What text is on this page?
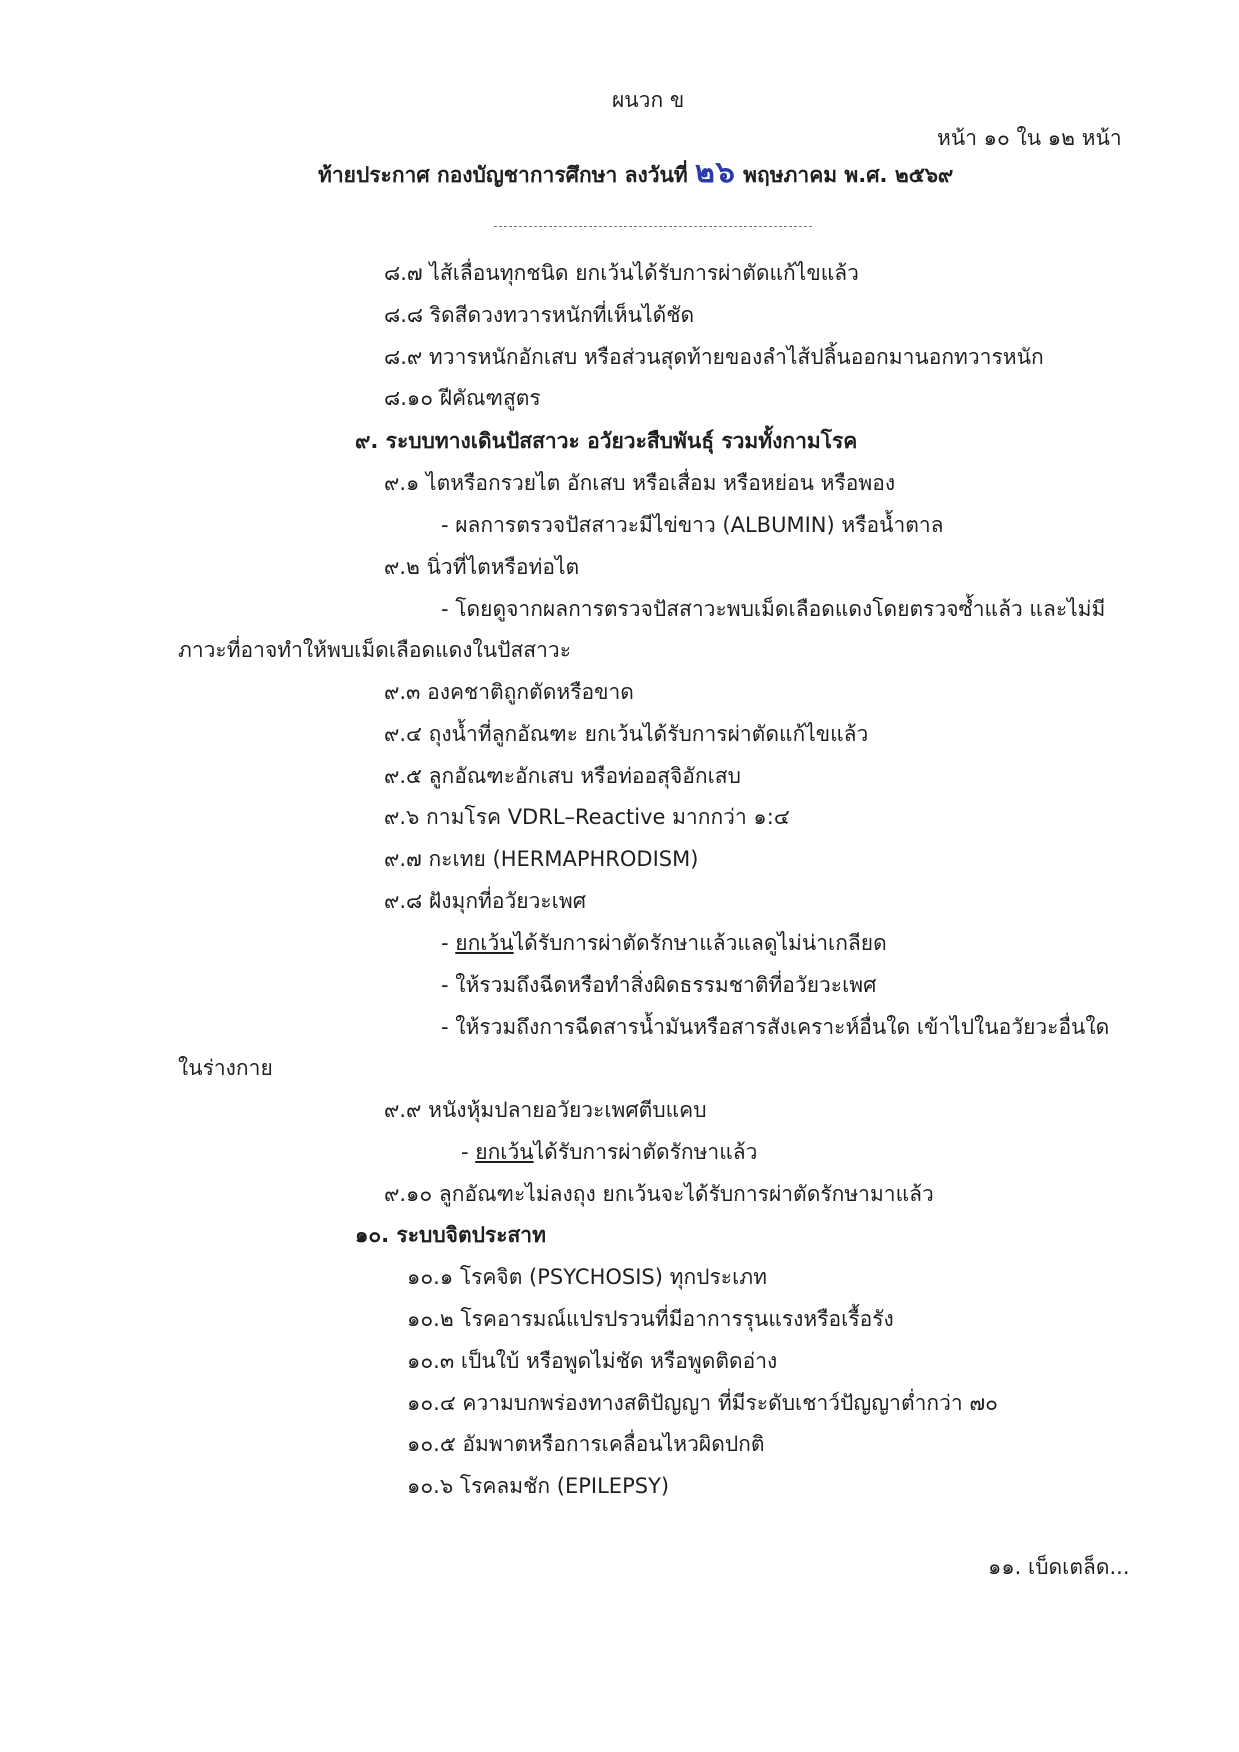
ผนวก ข
หน้า ๑๐ ใน ๑๒ หน้า
ท้ายประกาศ กองบัญชาการศึกษา ลงวันที่ ๒๖ พฤษภาคม พ.ศ. ๒๕๖๙
๘.๗ ไส้เลื่อนทุกชนิด ยกเว้นได้รับการผ่าตัดแก้ไขแล้ว
๘.๘ ริดสีดวงทวารหนักที่เห็นได้ชัด
๘.๙ ทวารหนักอักเสบ หรือส่วนสุดท้ายของลำไส้ปลิ้นออกมานอกทวารหนัก
๘.๑๐ ฝีคัณฑสูตร
๙. ระบบทางเดินปัสสาวะ อวัยวะสืบพันธุ์ รวมทั้งกามโรค
๙.๑ ไตหรือกรวยไต อักเสบ หรือเสื่อม หรือหย่อน หรือพอง
- ผลการตรวจปัสสาวะมีไข่ขาว (ALBUMIN) หรือน้ำตาล
๙.๒ นิ่วที่ไตหรือท่อไต
- โดยดูจากผลการตรวจปัสสาวะพบเม็ดเลือดแดงโดยตรวจซ้ำแล้ว และไม่มี
ภาวะที่อาจทำให้พบเม็ดเลือดแดงในปัสสาวะ
๙.๓ องคชาติถูกตัดหรือขาด
๙.๔ ถุงน้ำที่ลูกอัณฑะ ยกเว้นได้รับการผ่าตัดแก้ไขแล้ว
๙.๕ ลูกอัณฑะอักเสบ หรือท่ออสุจิอักเสบ
๙.๖ กามโรค VDRL–Reactive มากกว่า ๑:๔
๙.๗ กะเทย (HERMAPHRODISM)
๙.๘ ฝังมุกที่อวัยวะเพศ
- ยกเว้นได้รับการผ่าตัดรักษาแล้วแลดูไม่น่าเกลียด
- ให้รวมถึงฉีดหรือทำสิ่งผิดธรรมชาติที่อวัยวะเพศ
- ให้รวมถึงการฉีดสารน้ำมันหรือสารสังเคราะห์อื่นใด เข้าไปในอวัยวะอื่นใด
ในร่างกาย
๙.๙ หนังหุ้มปลายอวัยวะเพศตีบแคบ
- ยกเว้นได้รับการผ่าตัดรักษาแล้ว
๙.๑๐ ลูกอัณฑะไม่ลงถุง ยกเว้นจะได้รับการผ่าตัดรักษามาแล้ว
๑๐. ระบบจิตประสาท
๑๐.๑ โรคจิต (PSYCHOSIS) ทุกประเภท
๑๐.๒ โรคอารมณ์แปรปรวนที่มีอาการรุนแรงหรือเรื้อรัง
๑๐.๓ เป็นใบ้ หรือพูดไม่ชัด หรือพูดติดอ่าง
๑๐.๔ ความบกพร่องทางสติปัญญา ที่มีระดับเชาว์ปัญญาต่ำกว่า ๗๐
๑๐.๕ อัมพาตหรือการเคลื่อนไหวผิดปกติ
๑๐.๖ โรคลมชัก (EPILEPSY)
๑๑. เบ็ดเตล็ด...
